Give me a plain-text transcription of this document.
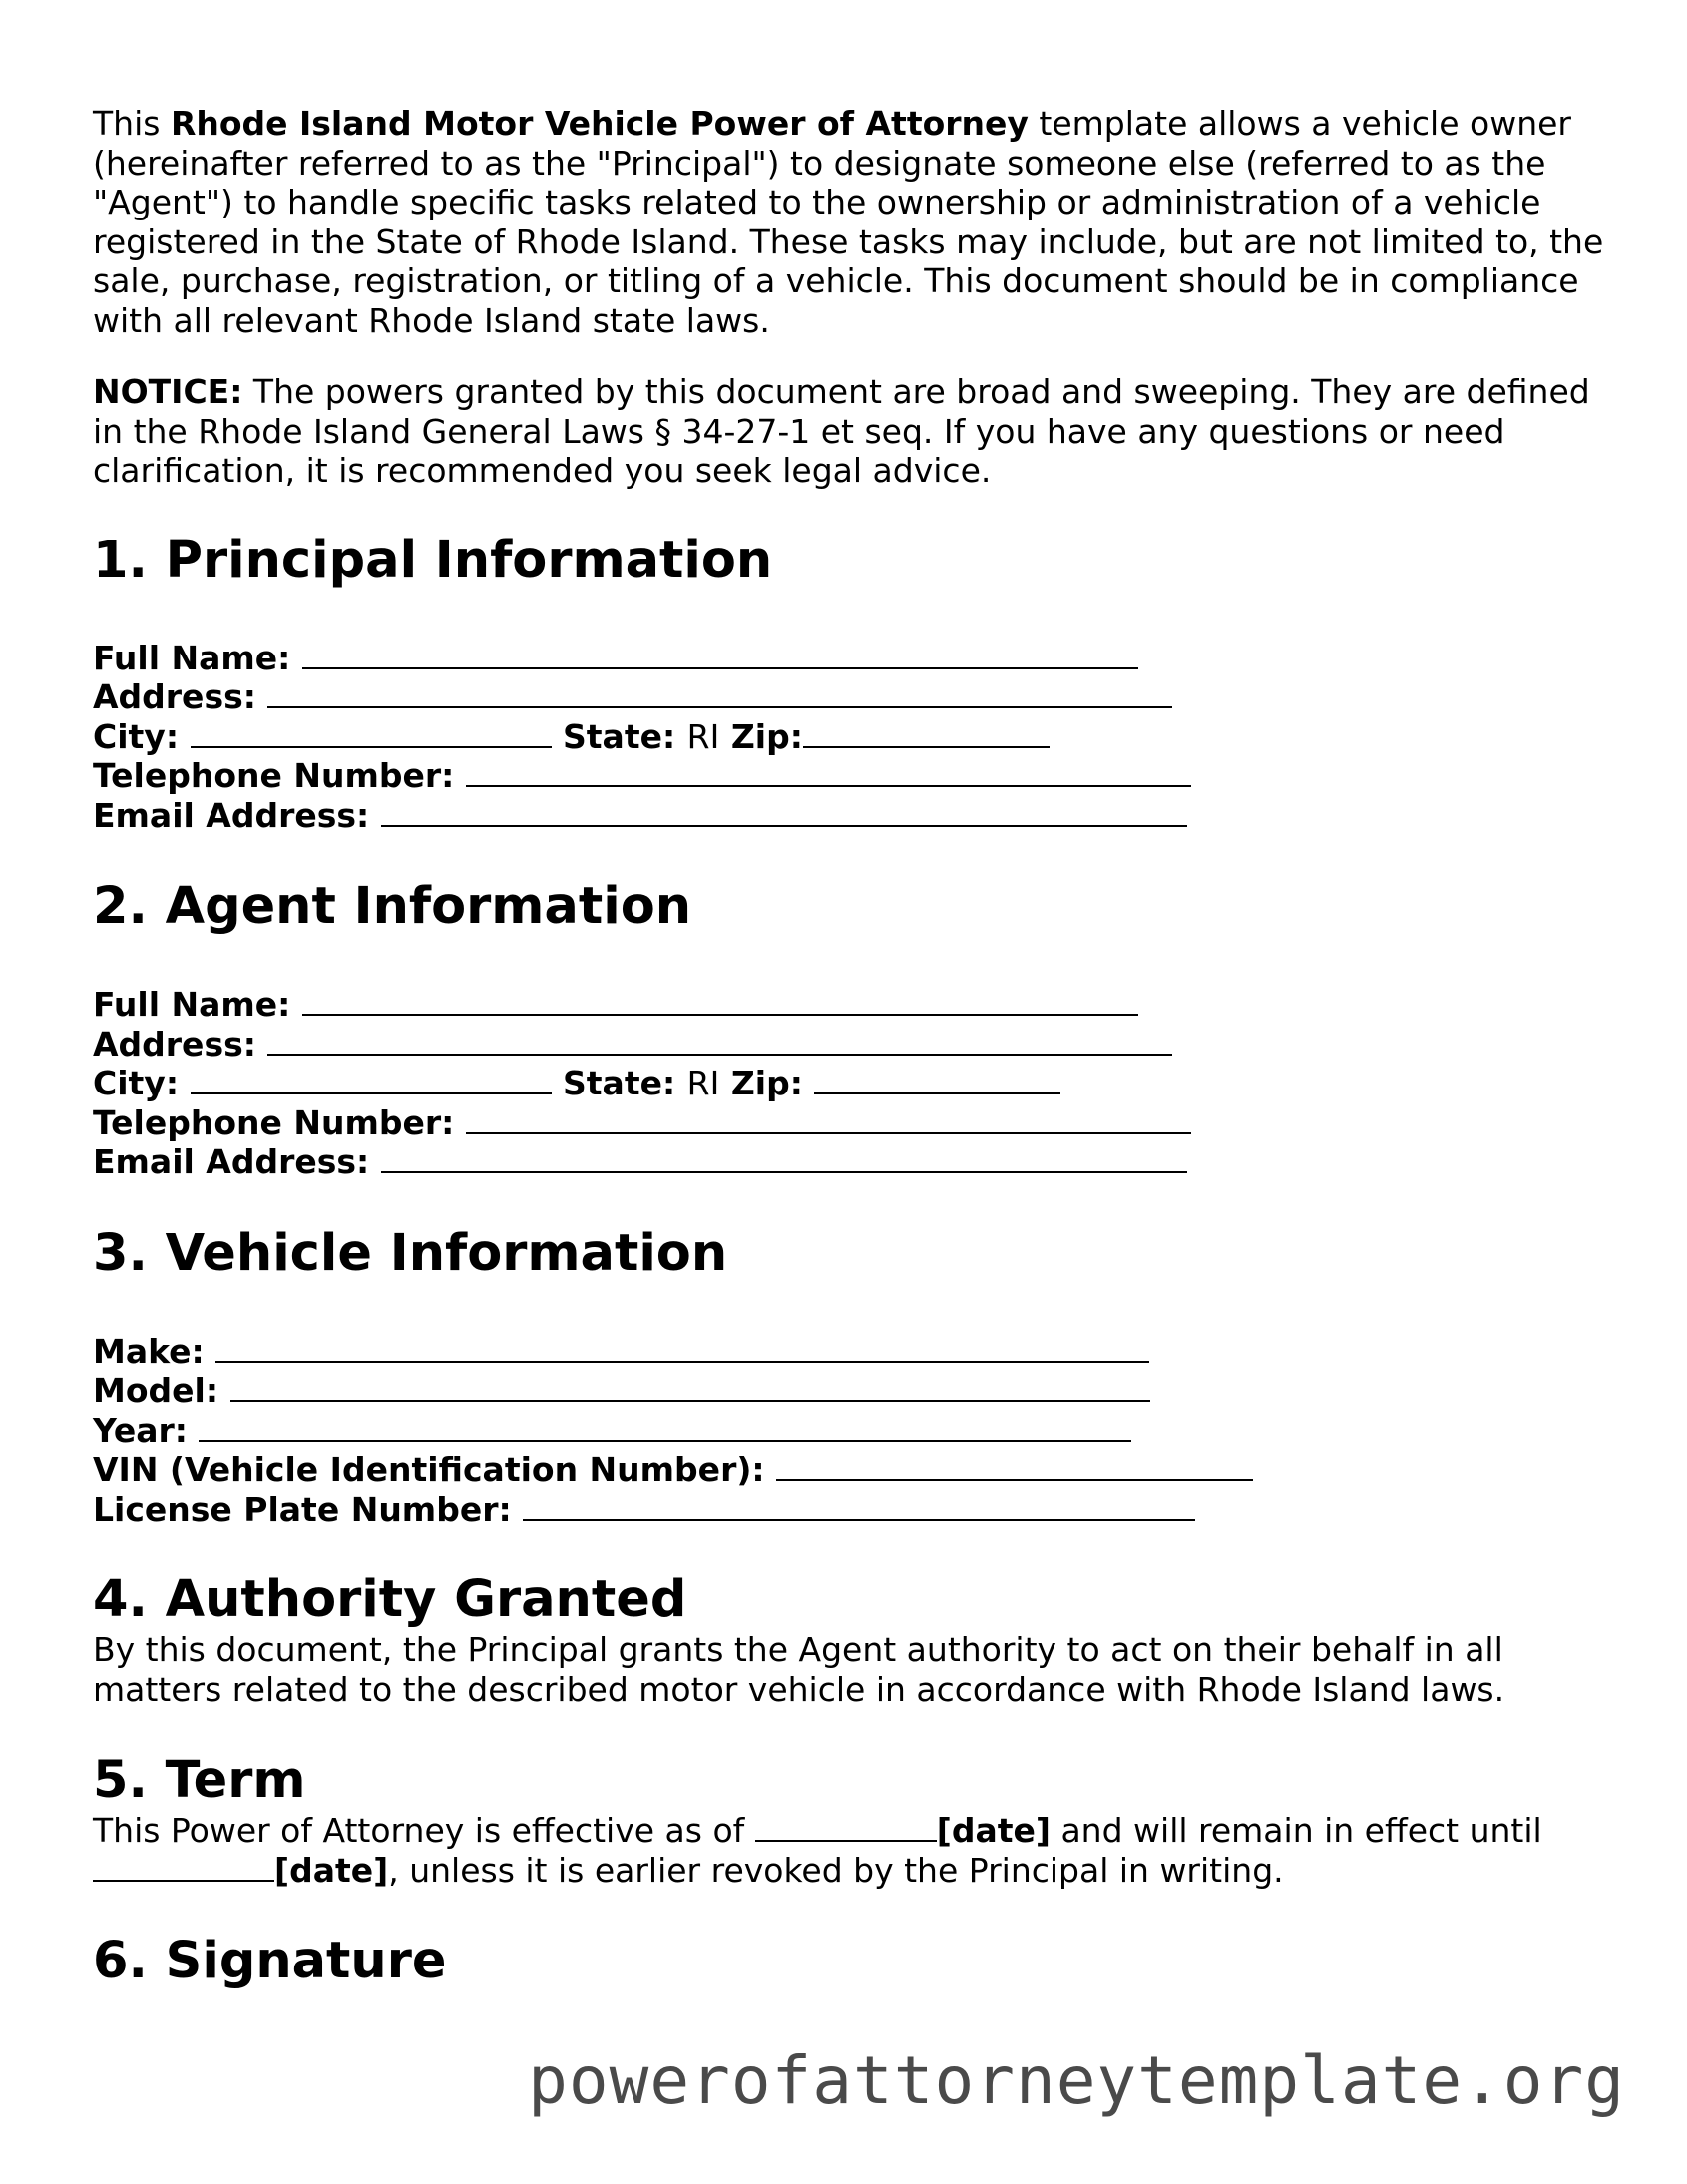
This Rhode Island Motor Vehicle Power of Attorney template allows a vehicle owner (hereinafter referred to as the "Principal") to designate someone else (referred to as the "Agent") to handle specific tasks related to the ownership or administration of a vehicle registered in the State of Rhode Island. These tasks may include, but are not limited to, the sale, purchase, registration, or titling of a vehicle. This document should be in compliance with all relevant Rhode Island state laws.

NOTICE: The powers granted by this document are broad and sweeping. They are defined in the Rhode Island General Laws § 34-27-1 et seq. If you have any questions or need clarification, it is recommended you seek legal advice.

1. Principal Information
Full Name:
Address:
City:	State: RI Zip:
Telephone Number:
Email Address:
2. Agent Information
Full Name:
Address:
City:	State: RI Zip:
Telephone Number:
Email Address:
3. Vehicle Information
Make:
Model:
Year:
VIN (Vehicle Identification Number):
License Plate Number:
4. Authority Granted

By this document, the Principal grants the Agent authority to act on their behalf in all matters related to the described motor vehicle in accordance with Rhode Island laws.

5. Term

This Power of Attorney is effective as of	[date] and will remain in effect until
[date], unless it is earlier revoked by the Principal in writing.

6. Signature
powerofattorneytemplate.org
